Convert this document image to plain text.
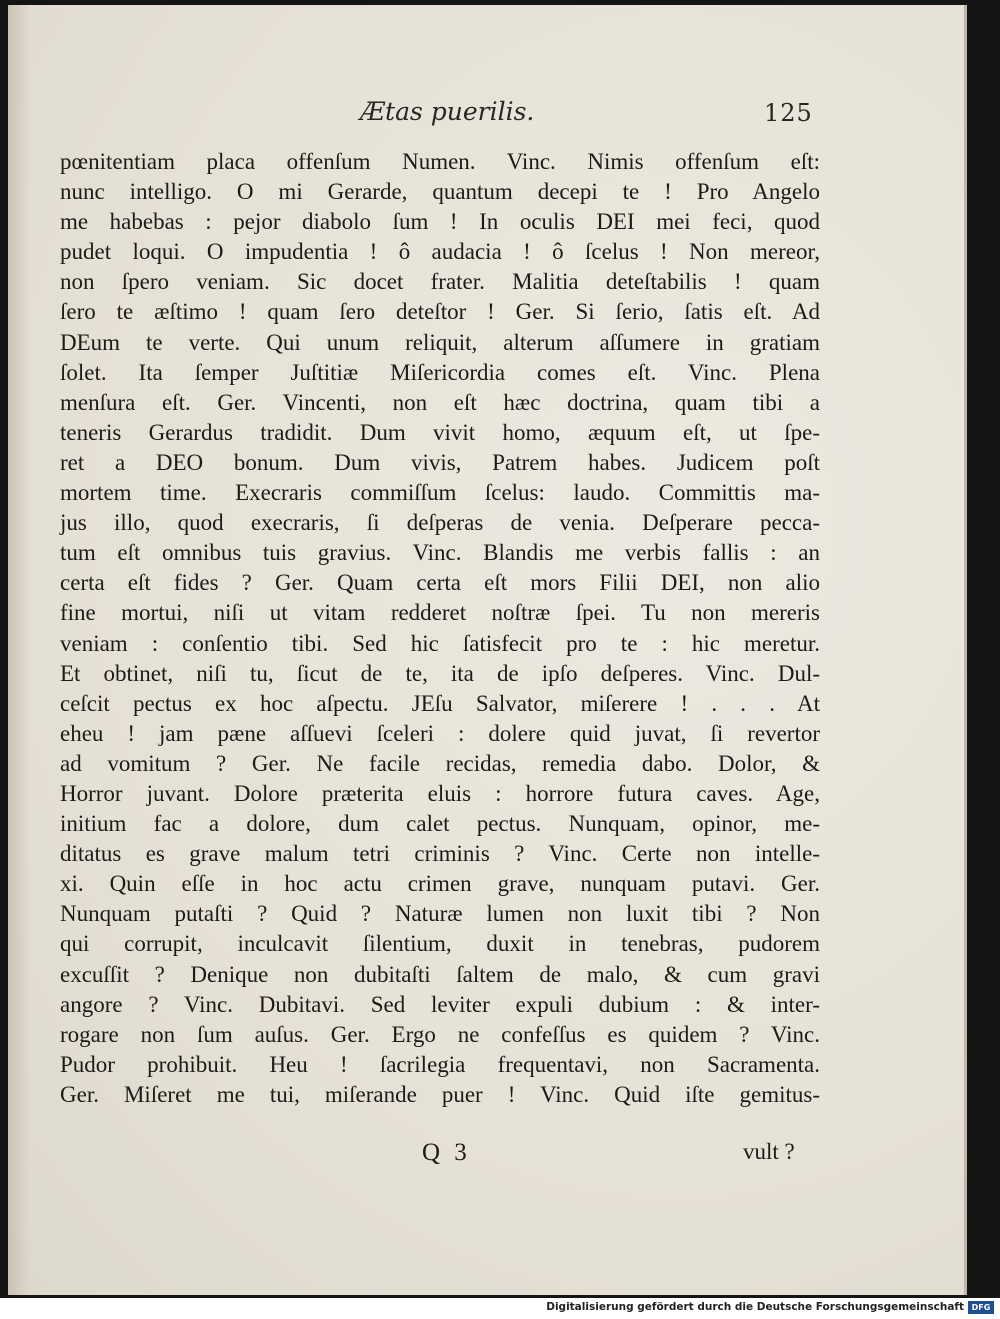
Ætas puerilis.	125
pœnitentiam placa offenſum Numen. Vinc. Nimis offenſum eſt:
nunc intelligo. O mi Gerarde, quantum decepi te ! Pro Angelo
me habebas : pejor diabolo ſum ! In oculis DEI mei feci, quod
pudet loqui. O impudentia ! ô audacia ! ô ſcelus ! Non mereor,
non ſpero veniam. Sic docet frater. Malitia deteſtabilis ! quam
ſero te æſtimo ! quam ſero deteſtor ! Ger. Si ſerio, ſatis eſt. Ad
DEum te verte. Qui unum reliquit, alterum aſſumere in gratiam
ſolet. Ita ſemper Juſtitiæ Miſericordia comes eſt. Vinc. Plena
menſura eſt. Ger. Vincenti, non eſt hæc doctrina, quam tibi a
teneris Gerardus tradidit. Dum vivit homo, æquum eſt, ut ſpe-
ret a DEO bonum. Dum vivis, Patrem habes. Judicem poſt
mortem time. Execraris commiſſum ſcelus: laudo. Committis ma-
jus illo, quod execraris, ſi deſperas de venia. Deſperare pecca-
tum eſt omnibus tuis gravius. Vinc. Blandis me verbis fallis : an
certa eſt fides ? Ger. Quam certa eſt mors Filii DEI, non alio
fine mortui, niſi ut vitam redderet noſtræ ſpei. Tu non mereris
veniam : conſentio tibi. Sed hic ſatisfecit pro te : hic meretur.
Et obtinet, niſi tu, ſicut de te, ita de ipſo deſperes. Vinc. Dul-
ceſcit pectus ex hoc aſpectu. JEſu Salvator, miſerere ! . . . At
eheu ! jam pæne aſſuevi ſceleri : dolere quid juvat, ſi revertor
ad vomitum ? Ger. Ne facile recidas, remedia dabo. Dolor, &
Horror juvant. Dolore præterita eluis : horrore futura caves. Age,
initium fac a dolore, dum calet pectus. Nunquam, opinor, me-
ditatus es grave malum tetri criminis ? Vinc. Certe non intelle-
xi. Quin eſſe in hoc actu crimen grave, nunquam putavi. Ger.
Nunquam putaſti ? Quid ? Naturæ lumen non luxit tibi ? Non
qui corrupit, inculcavit ſilentium, duxit in tenebras, pudorem
excuſſit ? Denique non dubitaſti ſaltem de malo, & cum gravi
angore ? Vinc. Dubitavi. Sed leviter expuli dubium : & inter-
rogare non ſum auſus. Ger. Ergo ne confeſſus es quidem ? Vinc.
Pudor prohibuit. Heu ! ſacrilegia frequentavi, non Sacramenta.
Ger. Miſeret me tui, miſerande puer ! Vinc. Quid iſte gemitus-
Q 3	vult ?
Digitalisierung gefördert durch die Deutsche Forschungsgemeinschaft DFG
